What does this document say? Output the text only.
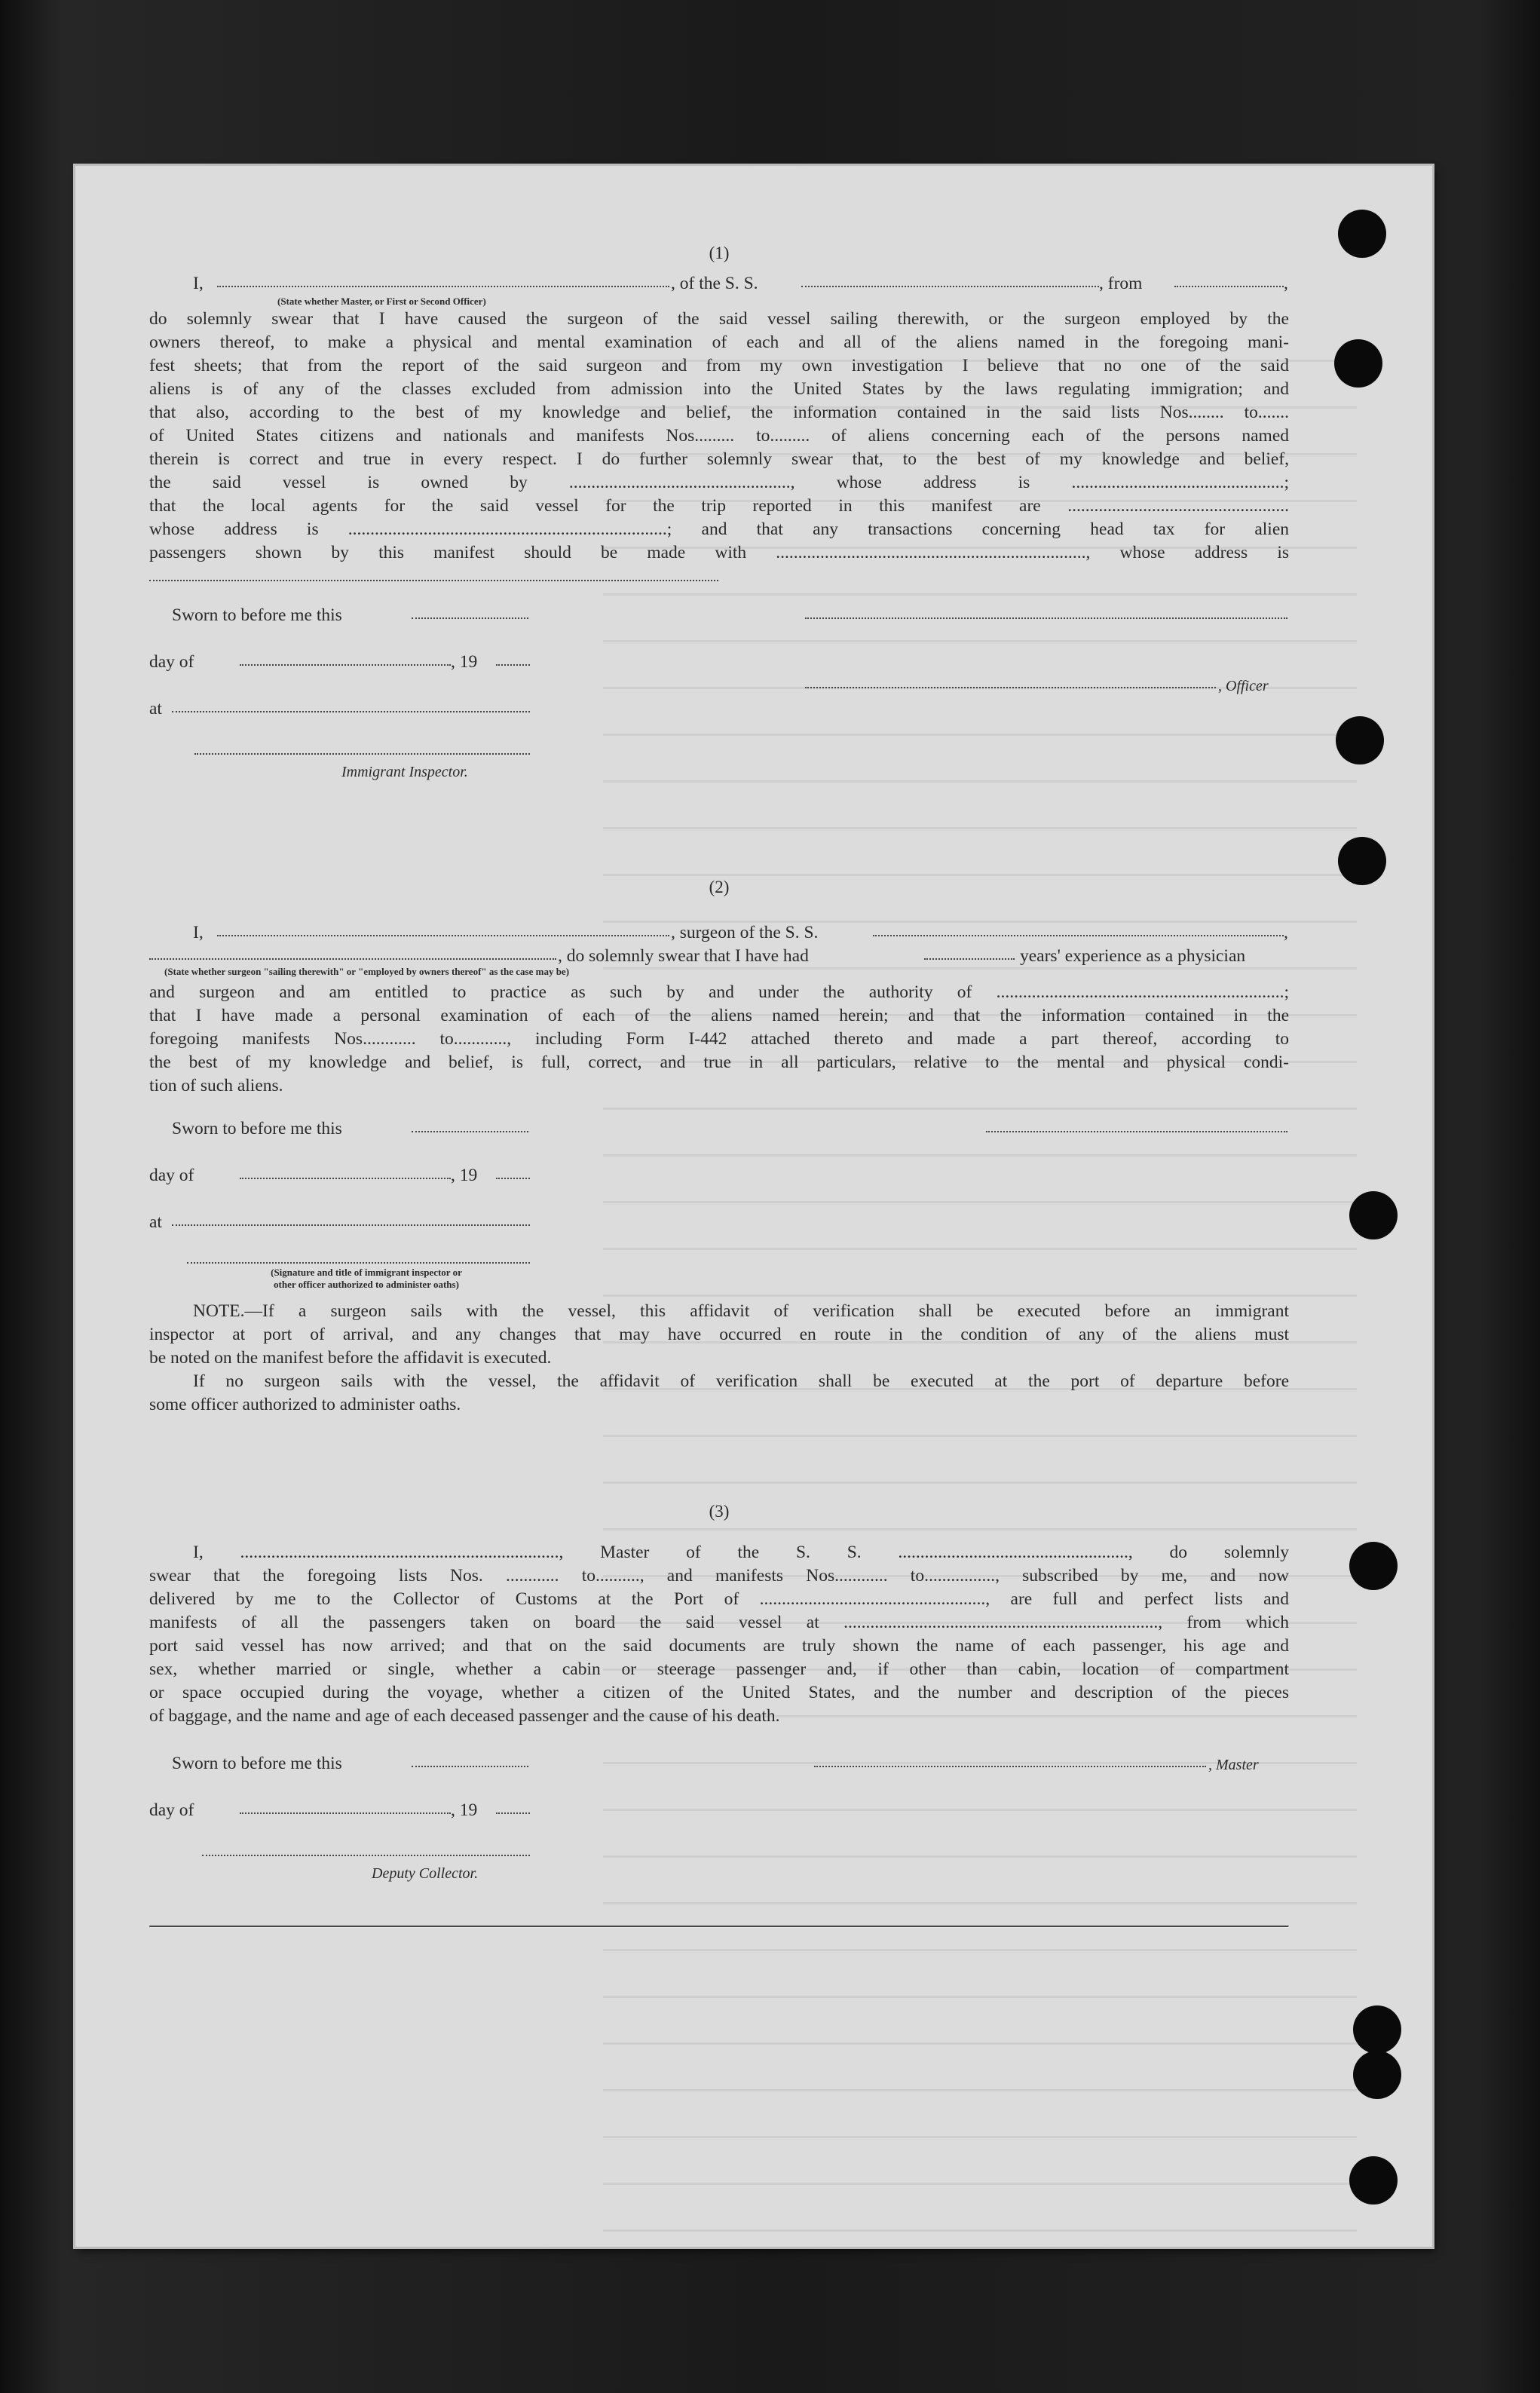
(1)

I,	, of the S. S.	, from	,
(State whether Master, or First or Second Officer)
do solemnly swear that I have caused the surgeon of the said vessel sailing therewith, or the surgeon employed by the
owners thereof, to make a physical and mental examination of each and all of the aliens named in the foregoing mani-
fest sheets; that from the report of the said surgeon and from my own investigation I believe that no one of the said
aliens is of any of the classes excluded from admission into the United States by the laws regulating immigration; and
that also, according to the best of my knowledge and belief, the information contained in the said lists Nos........ to.......
of United States citizens and nationals and manifests Nos......... to......... of aliens concerning each of the persons named
therein is correct and true in every respect. I do further solemnly swear that, to the best of my knowledge and belief,
the said vessel is owned by .................................................., whose address is ................................................;
that the local agents for the said vessel for the trip reported in this manifest are ..................................................
whose address is ........................................................................; and that any transactions concerning head tax for alien
passengers shown by this manifest should be made with ......................................................................, whose address is
Sworn to before me this
day of	, 19
, Officer
at
Immigrant Inspector.

(2)

I,	, surgeon of the S. S.	,
, do solemnly swear that I have had	years' experience as a physician
(State whether surgeon "sailing therewith" or "employed by owners thereof" as the case may be)
and surgeon and am entitled to practice as such by and under the authority of .................................................................;
that I have made a personal examination of each of the aliens named herein; and that the information contained in the
foregoing manifests Nos............ to............, including Form I-442 attached thereto and made a part thereof, according to
the best of my knowledge and belief, is full, correct, and true in all particulars, relative to the mental and physical condi-
tion of such aliens.
Sworn to before me this
day of	, 19
at
(Signature and title of immigrant inspector or
other officer authorized to administer oaths)
NOTE.—If a surgeon sails with the vessel, this affidavit of verification shall be executed before an immigrant
inspector at port of arrival, and any changes that may have occurred en route in the condition of any of the aliens must
be noted on the manifest before the affidavit is executed.
If no surgeon sails with the vessel, the affidavit of verification shall be executed at the port of departure before
some officer authorized to administer oaths.

(3)

I, ........................................................................, Master of the S. S. ...................................................., do solemnly
swear that the foregoing lists Nos. ............ to.........., and manifests Nos............ to................, subscribed by me, and now
delivered by me to the Collector of Customs at the Port of ..................................................., are full and perfect lists and
manifests of all the passengers taken on board the said vessel at ......................................................................., from which
port said vessel has now arrived; and that on the said documents are truly shown the name of each passenger, his age and
sex, whether married or single, whether a cabin or steerage passenger and, if other than cabin, location of compartment
or space occupied during the voyage, whether a citizen of the United States, and the number and description of the pieces
of baggage, and the name and age of each deceased passenger and the cause of his death.
Sworn to before me this	, Master
day of	, 19
Deputy Collector.
